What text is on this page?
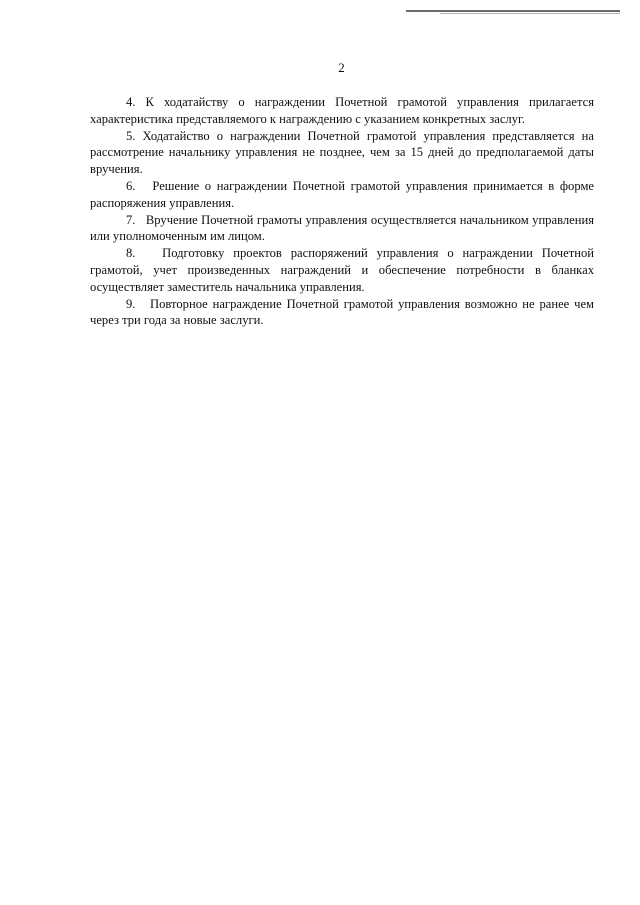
2

4. К ходатайству о награждении Почетной грамотой управления прилагается характеристика представляемого к награждению с указанием конкретных заслуг.

5. Ходатайство о награждении Почетной грамотой управления представляется на рассмотрение начальнику управления не позднее, чем за 15 дней до предполагаемой даты вручения.

6.   Решение о награждении Почетной грамотой управления принимается в форме распоряжения управления.

7.   Вручение Почетной грамоты управления осуществляется начальником управления или уполномоченным им лицом.

8.   Подготовку проектов распоряжений управления о награждении Почетной грамотой, учет произведенных награждений и обеспечение потребности в бланках осуществляет заместитель начальника управления.

9.   Повторное награждение Почетной грамотой управления возможно не ранее чем через три года за новые заслуги.
